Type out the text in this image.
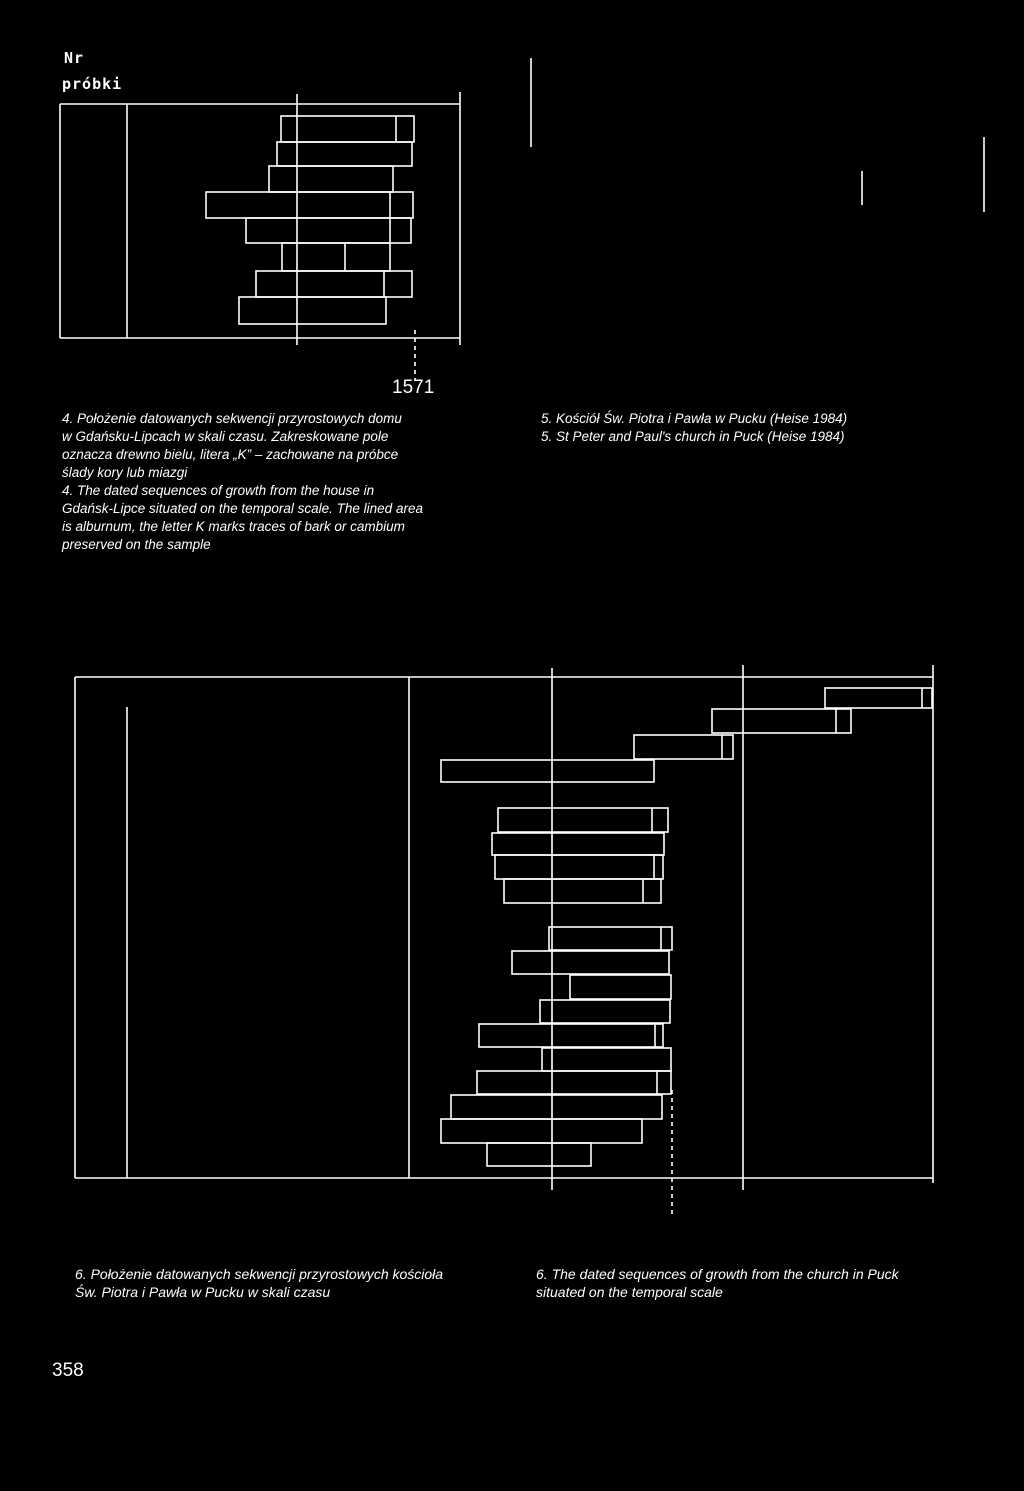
Nr
próbki
1571
4. Położenie datowanych sekwencji przyrostowych domu
w Gdańsku-Lipcach w skali czasu. Zakreskowane pole
oznacza drewno bielu, litera „K” – zachowane na próbce
ślady kory lub miazgi
4. The dated sequences of growth from the house in
Gdańsk-Lipce situated on the temporal scale. The lined area
is alburnum, the letter K marks traces of bark or cambium
preserved on the sample
5. Kościół Św. Piotra i Pawła w Pucku (Heise 1984)
5. St Peter and Paul's church in Puck (Heise 1984)
6. Położenie datowanych sekwencji przyrostowych kościoła
Św. Piotra i Pawła w Pucku w skali czasu
6. The dated sequences of growth from the church in Puck
situated on the temporal scale
358
